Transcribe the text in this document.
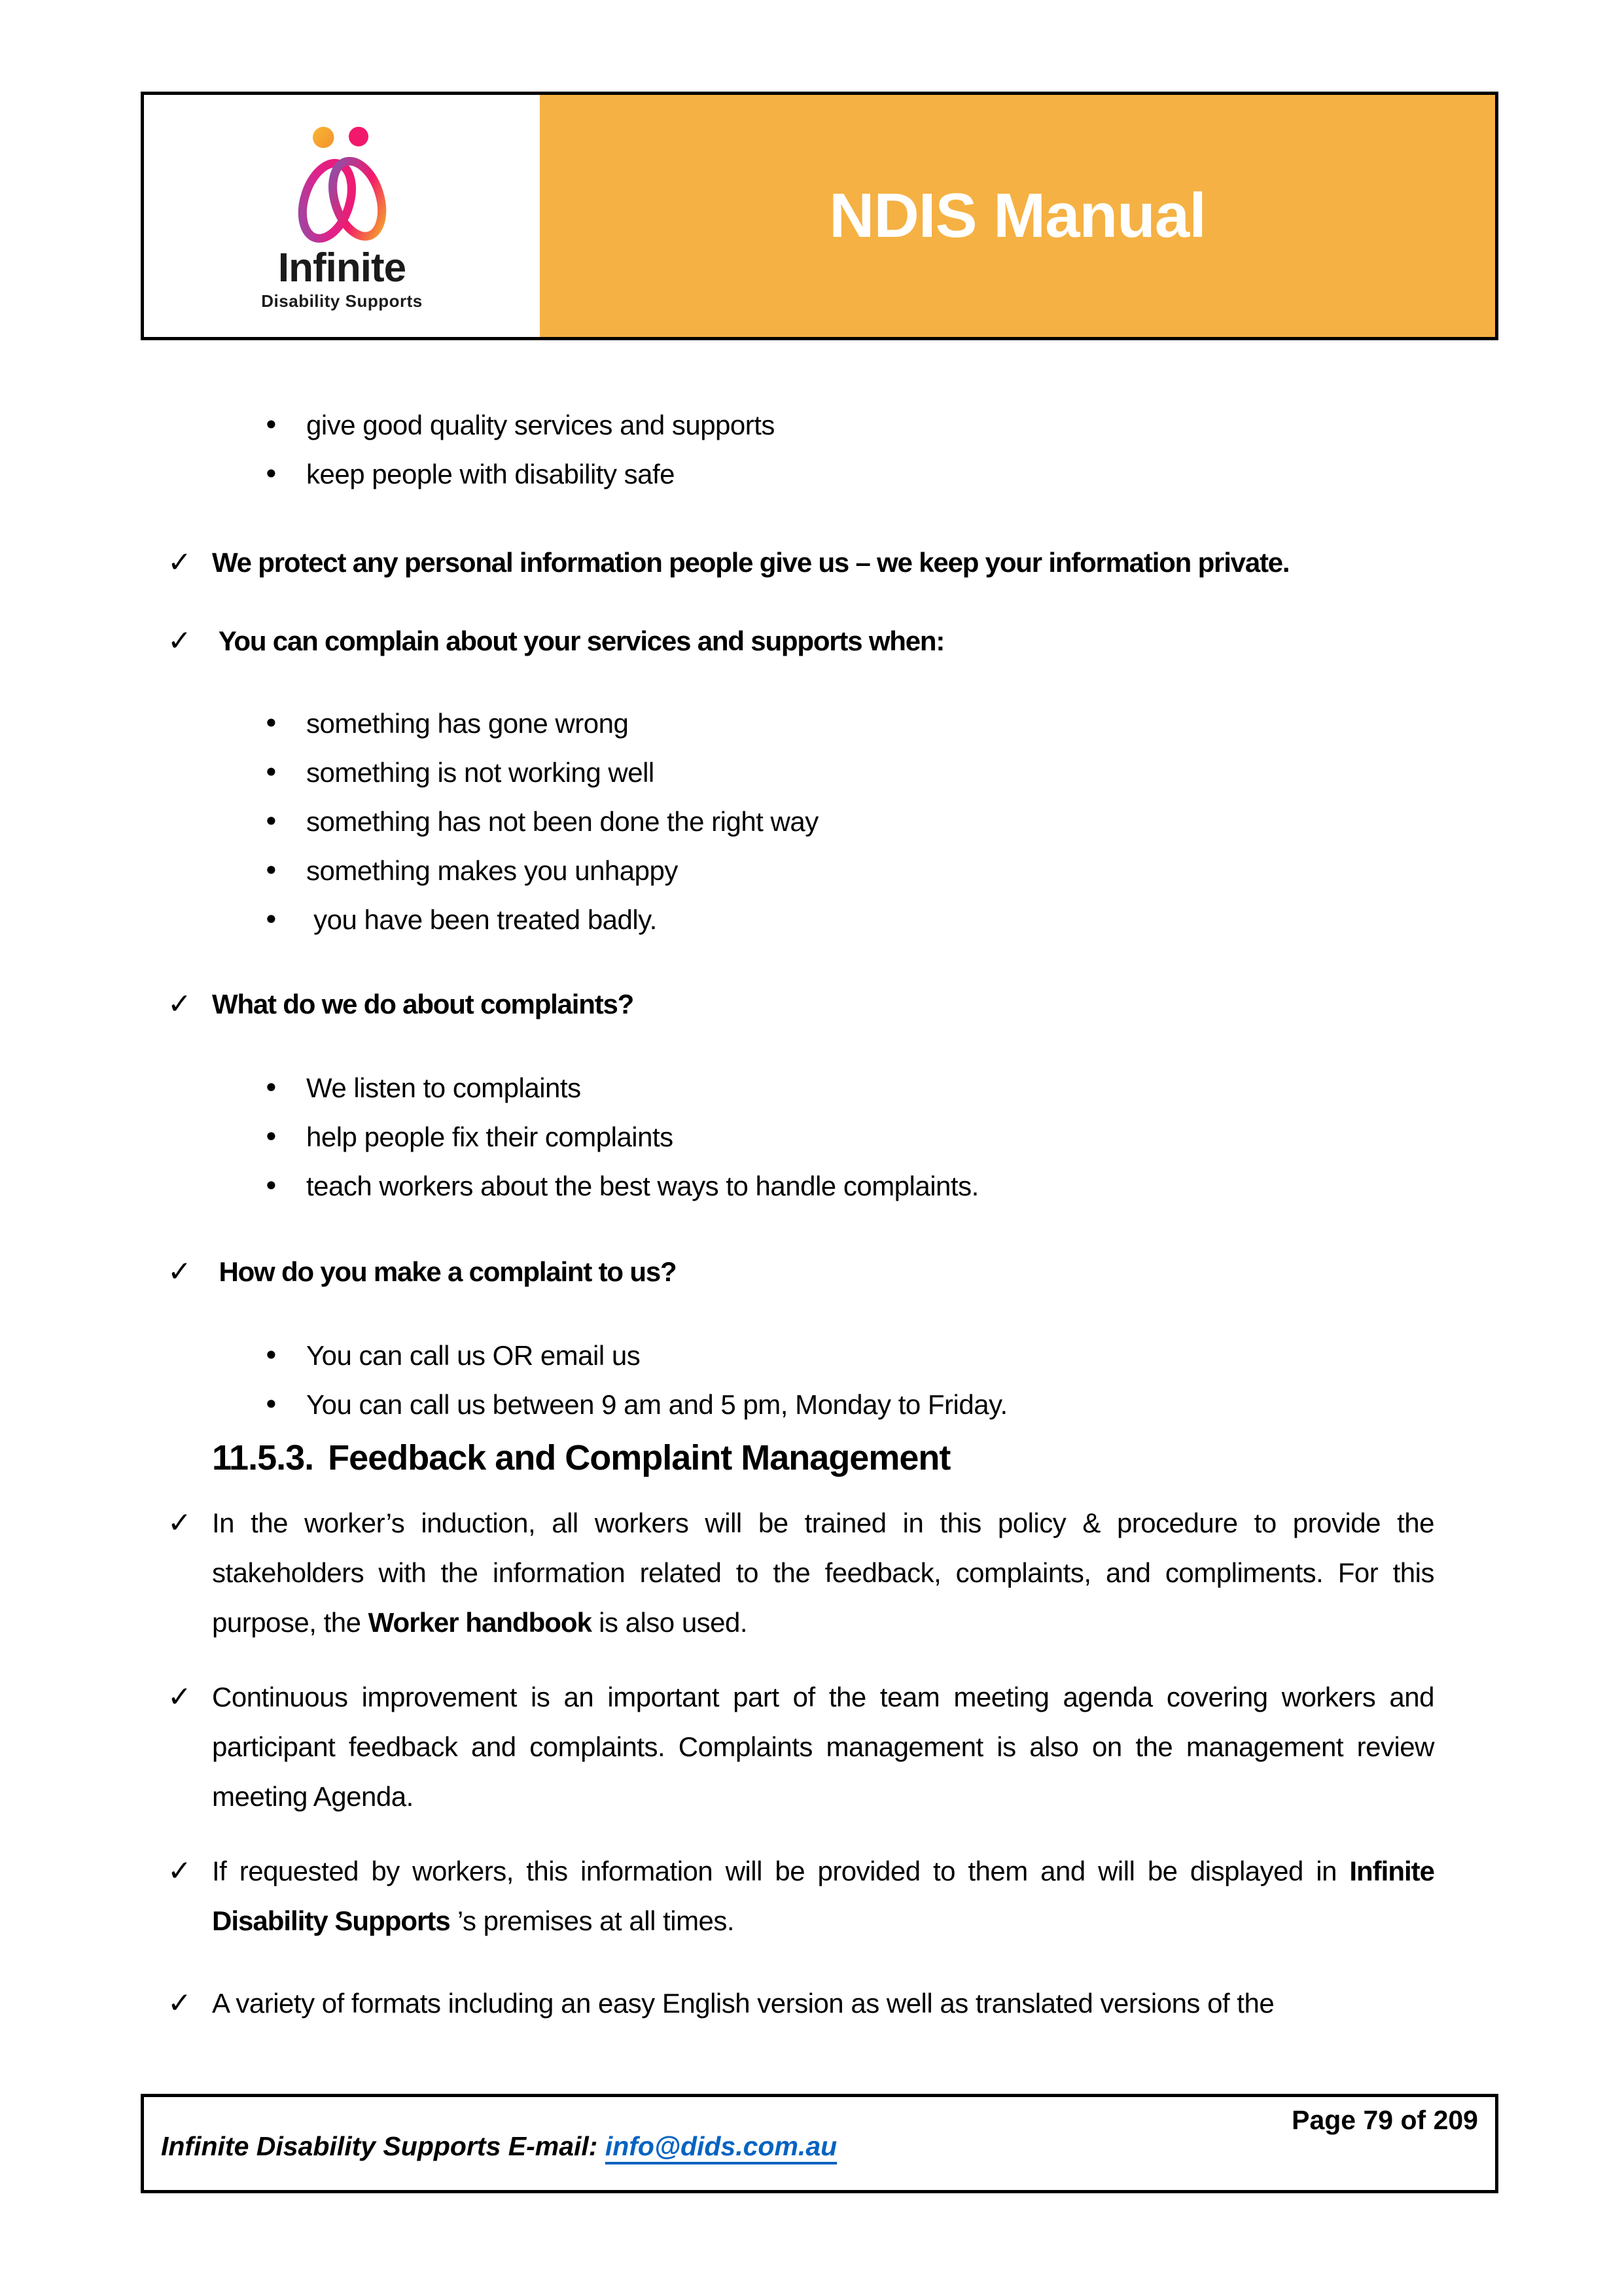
Infinite
Disability Supports
NDIS Manual
• give good quality services and supports
• keep people with disability safe
✓ We protect any personal information people give us – we keep your information private.
✓ You can complain about your services and supports when:
• something has gone wrong
• something is not working well
• something has not been done the right way
• something makes you unhappy
• you have been treated badly.
✓ What do we do about complaints?
• We listen to complaints
• help people fix their complaints
• teach workers about the best ways to handle complaints.
✓ How do you make a complaint to us?
• You can call us OR email us
• You can call us between 9 am and 5 pm, Monday to Friday.
11.5.3. Feedback and Complaint Management
✓ In the worker’s induction, all workers will be trained in this policy & procedure to provide the stakeholders with the information related to the feedback, complaints, and compliments. For this purpose, the Worker handbook is also used.
✓ Continuous improvement is an important part of the team meeting agenda covering workers and participant feedback and complaints. Complaints management is also on the management review meeting Agenda.
✓ If requested by workers, this information will be provided to them and will be displayed in Infinite Disability Supports ’s premises at all times.
✓ A variety of formats including an easy English version as well as translated versions of the
Infinite Disability Supports E-mail: info@dids.com.au
Page 79 of 209
